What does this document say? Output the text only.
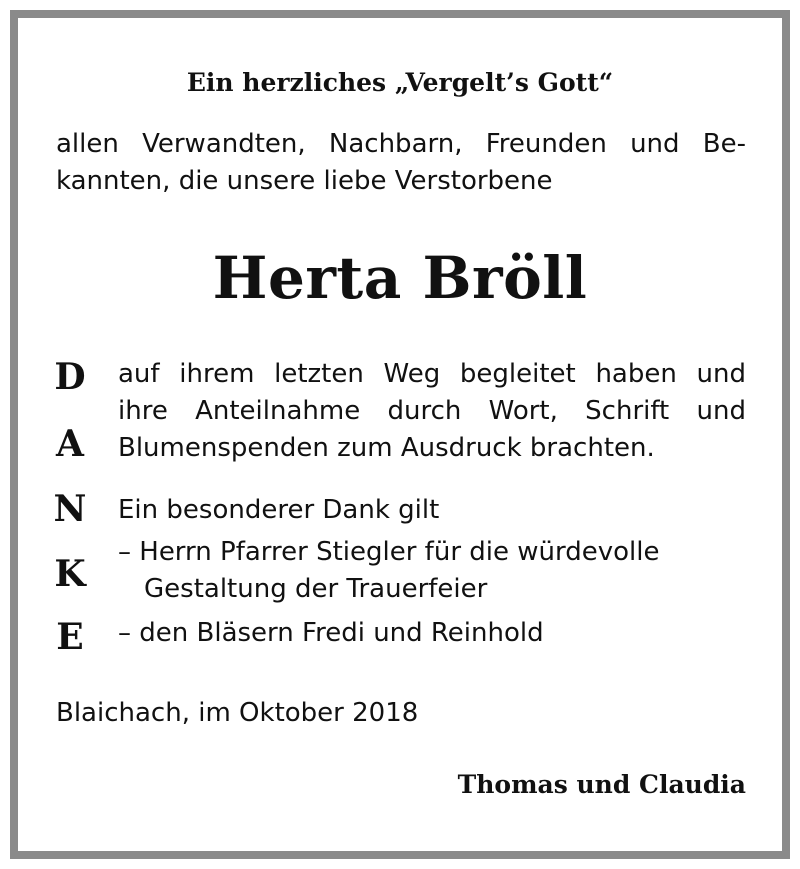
Ein herzliches „Vergelt’s Gott“
allen Verwandten, Nachbarn, Freunden und Be-
kannten, die unsere liebe Verstorbene
Herta Bröll
D
A
N
K
E
auf ihrem letzten Weg begleitet haben und
ihre Anteilnahme durch Wort, Schrift und
Blumenspenden zum Ausdruck brachten.
Ein besonderer Dank gilt
– Herrn Pfarrer Stiegler für die würdevolle
Gestaltung der Trauerfeier
– den Bläsern Fredi und Reinhold
Blaichach, im Oktober 2018
Thomas und Claudia
